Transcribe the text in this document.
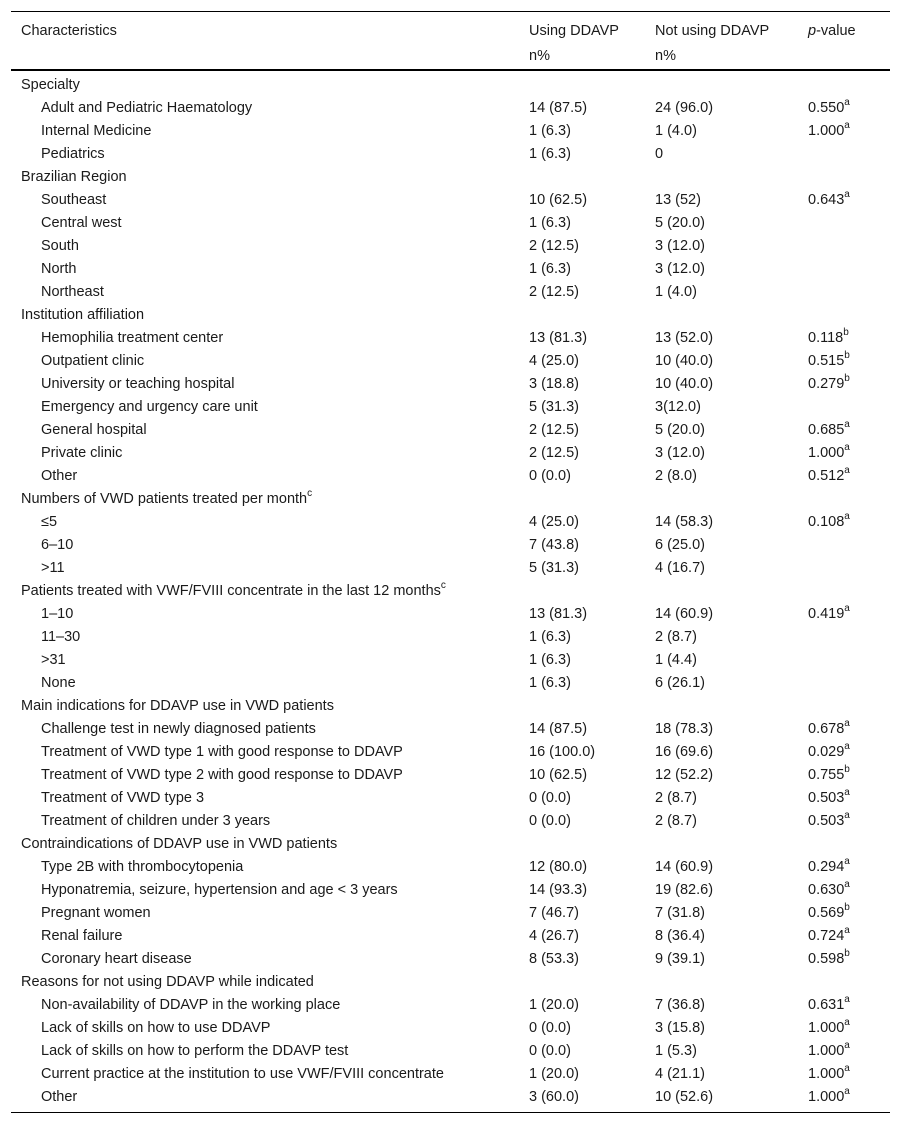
Characteristics	Using DDAVP	Not using DDAVP	p-value
	n%	n%	
Specialty			
Adult and Pediatric Haematology	14 (87.5)	24 (96.0)	0.550$^a$
Internal Medicine	1 (6.3)	1 (4.0)	1.000$^a$
Pediatrics	1 (6.3)	0	
Brazilian Region			
Southeast	10 (62.5)	13 (52)	0.643$^a$
Central west	1 (6.3)	5 (20.0)	
South	2 (12.5)	3 (12.0)	
North	1 (6.3)	3 (12.0)	
Northeast	2 (12.5)	1 (4.0)	
Institution affiliation			
Hemophilia treatment center	13 (81.3)	13 (52.0)	0.118$^b$
Outpatient clinic	4 (25.0)	10 (40.0)	0.515$^b$
University or teaching hospital	3 (18.8)	10 (40.0)	0.279$^b$
Emergency and urgency care unit	5 (31.3)	3(12.0)	
General hospital	2 (12.5)	5 (20.0)	0.685$^a$
Private clinic	2 (12.5)	3 (12.0)	1.000$^a$
Other	0 (0.0)	2 (8.0)	0.512$^a$
Numbers of VWD patients treated per month$^c$			
≤5	4 (25.0)	14 (58.3)	0.108$^a$
6–10	7 (43.8)	6 (25.0)	
>11	5 (31.3)	4 (16.7)	
Patients treated with VWF/FVIII concentrate in the last 12 months$^c$			
1–10	13 (81.3)	14 (60.9)	0.419$^a$
11–30	1 (6.3)	2 (8.7)	
>31	1 (6.3)	1 (4.4)	
None	1 (6.3)	6 (26.1)	
Main indications for DDAVP use in VWD patients			
Challenge test in newly diagnosed patients	14 (87.5)	18 (78.3)	0.678$^a$
Treatment of VWD type 1 with good response to DDAVP	16 (100.0)	16 (69.6)	0.029$^a$
Treatment of VWD type 2 with good response to DDAVP	10 (62.5)	12 (52.2)	0.755$^b$
Treatment of VWD type 3	0 (0.0)	2 (8.7)	0.503$^a$
Treatment of children under 3 years	0 (0.0)	2 (8.7)	0.503$^a$
Contraindications of DDAVP use in VWD patients			
Type 2B with thrombocytopenia	12 (80.0)	14 (60.9)	0.294$^a$
Hyponatremia, seizure, hypertension and age < 3 years	14 (93.3)	19 (82.6)	0.630$^a$
Pregnant women	7 (46.7)	7 (31.8)	0.569$^b$
Renal failure	4 (26.7)	8 (36.4)	0.724$^a$
Coronary heart disease	8 (53.3)	9 (39.1)	0.598$^b$
Reasons for not using DDAVP while indicated			
Non-availability of DDAVP in the working place	1 (20.0)	7 (36.8)	0.631$^a$
Lack of skills on how to use DDAVP	0 (0.0)	3 (15.8)	1.000$^a$
Lack of skills on how to perform the DDAVP test	0 (0.0)	1 (5.3)	1.000$^a$
Current practice at the institution to use VWF/FVIII concentrate	1 (20.0)	4 (21.1)	1.000$^a$
Other	3 (60.0)	10 (52.6)	1.000$^a$
